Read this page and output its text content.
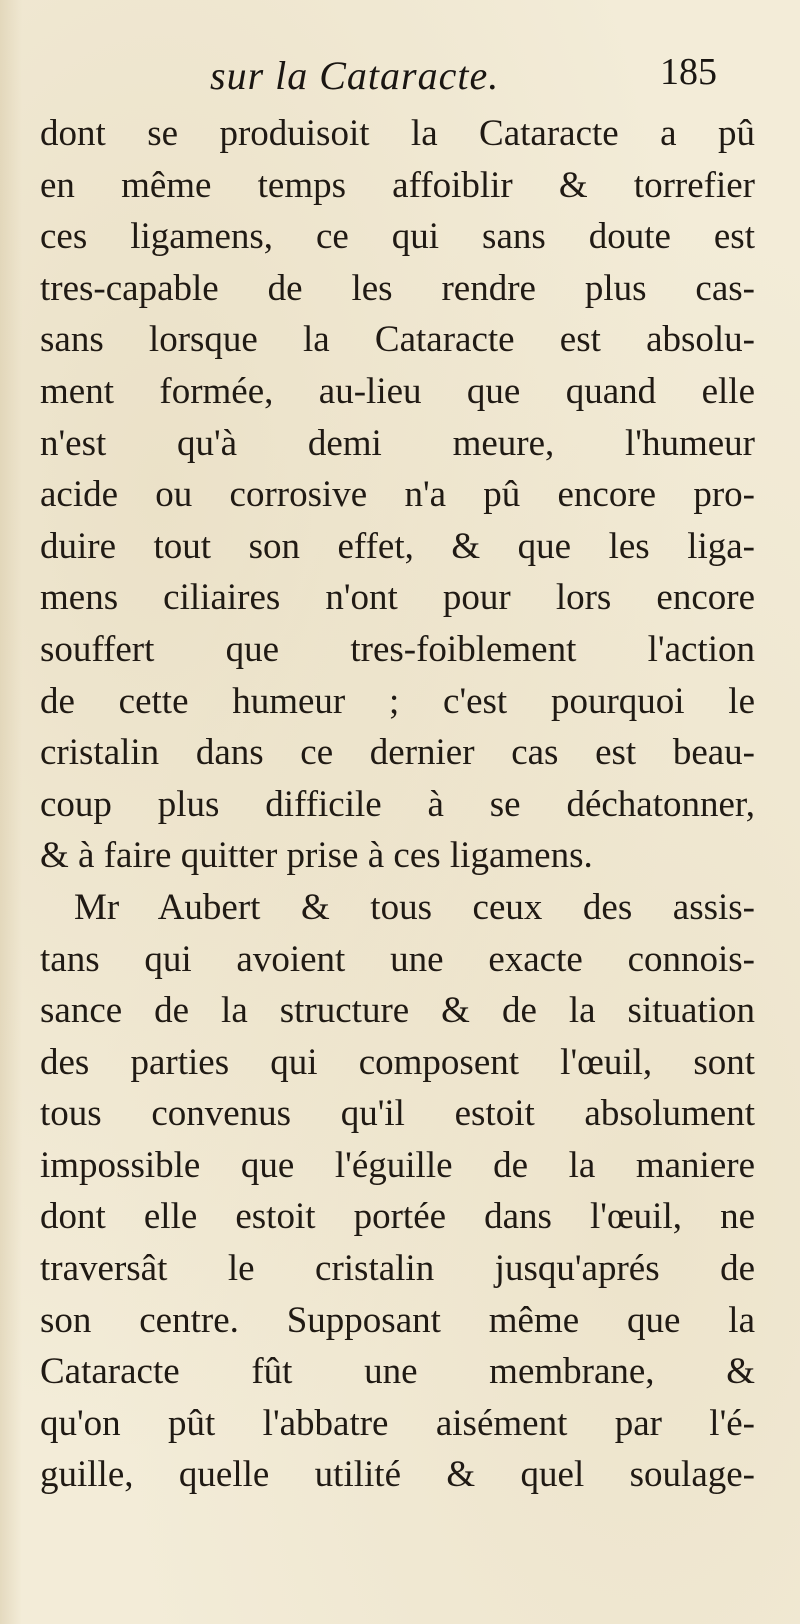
sur la Cataracte.	185
dont se produisoit la Cataracte a pû
en même temps affoiblir & torrefier
ces ligamens, ce qui sans doute est
tres-capable de les rendre plus cas-
sans lorsque la Cataracte est absolu-
ment formée, au-lieu que quand elle
n'est qu'à demi meure, l'humeur
acide ou corrosive n'a pû encore pro-
duire tout son effet, & que les liga-
mens ciliaires n'ont pour lors encore
souffert que tres-foiblement l'action
de cette humeur ; c'est pourquoi le
cristalin dans ce dernier cas est beau-
coup plus difficile à se déchatonner,
& à faire quitter prise à ces ligamens.
Mr Aubert & tous ceux des assis-
tans qui avoient une exacte connois-
sance de la structure & de la situation
des parties qui composent l'œuil, sont
tous convenus qu'il estoit absolument
impossible que l'éguille de la maniere
dont elle estoit portée dans l'œuil, ne
traversât le cristalin jusqu'aprés de
son centre. Supposant même que la
Cataracte fût une membrane, &
qu'on pût l'abbatre aisément par l'é-
guille, quelle utilité & quel soulage-
